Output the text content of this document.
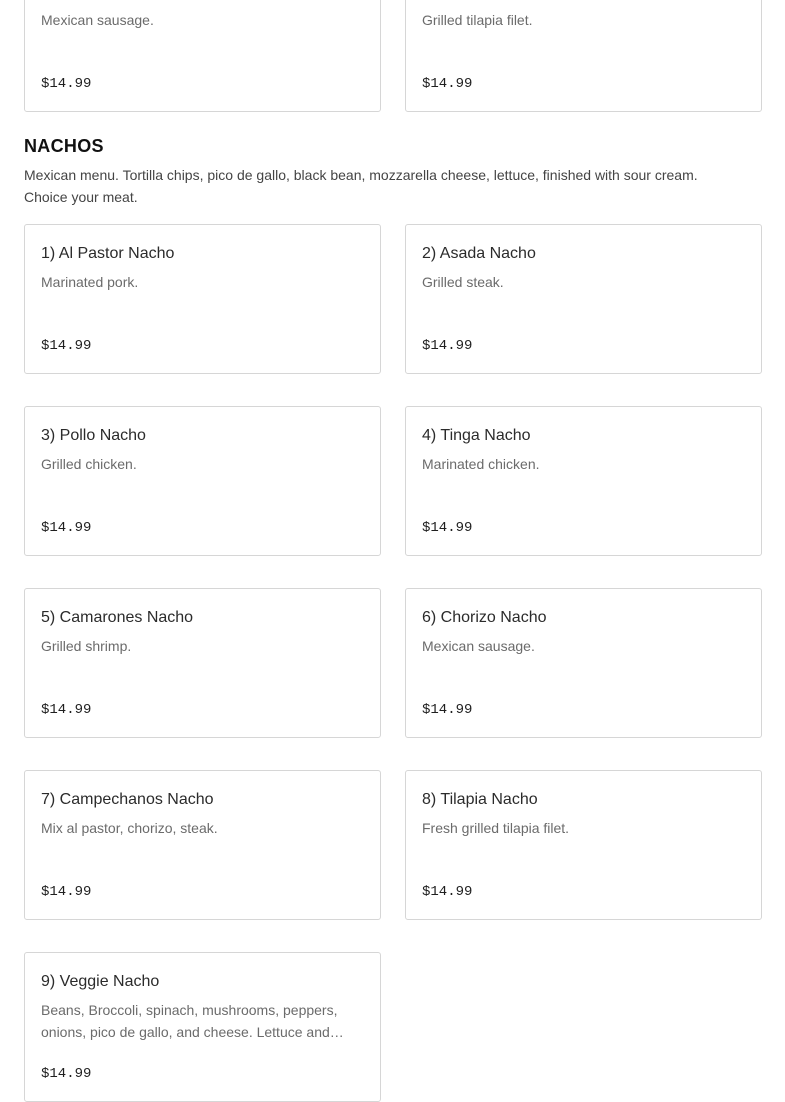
Mexican sausage.
$14.99
Grilled tilapia filet.
$14.99
NACHOS
Mexican menu. Tortilla chips, pico de gallo, black bean, mozzarella cheese, lettuce, finished with sour cream. Choice your meat.
1) Al Pastor Nacho
Marinated pork.
$14.99
2) Asada Nacho
Grilled steak.
$14.99
3) Pollo Nacho
Grilled chicken.
$14.99
4) Tinga Nacho
Marinated chicken.
$14.99
5) Camarones Nacho
Grilled shrimp.
$14.99
6) Chorizo Nacho
Mexican sausage.
$14.99
7) Campechanos Nacho
Mix al pastor, chorizo, steak.
$14.99
8) Tilapia Nacho
Fresh grilled tilapia filet.
$14.99
9) Veggie Nacho
Beans, Broccoli, spinach, mushrooms, peppers, onions, pico de gallo, and cheese. Lettuce and…
$14.99
